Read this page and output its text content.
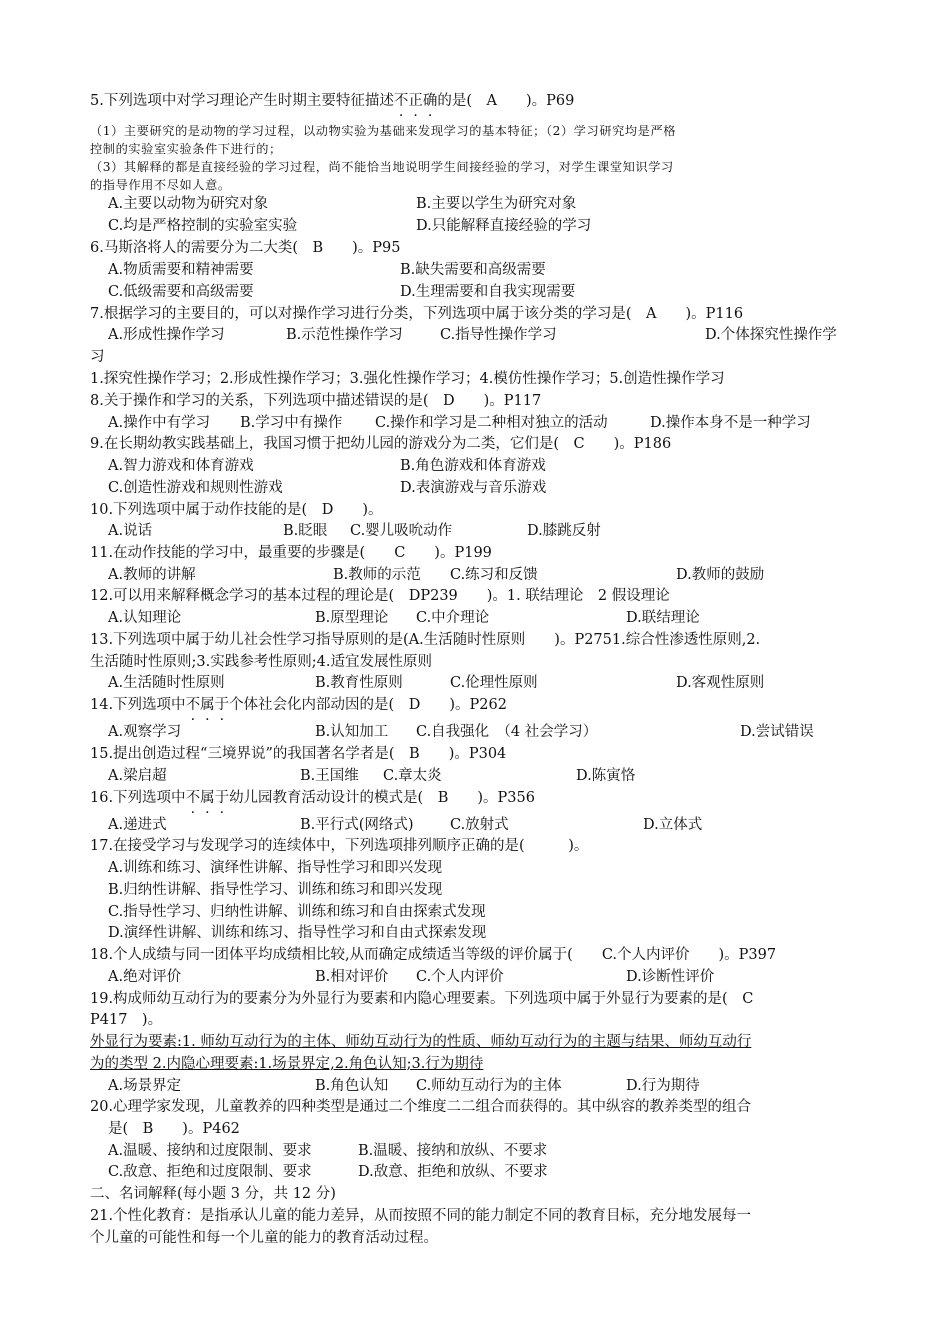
5.下列选项中对学习理论产生时期主要特征描述不正确的是(　A　　)。P69
（1）主要研究的是动物的学习过程，以动物实验为基础来发现学习的基本特征；（2）学习研究均是严格
控制的实验室实验条件下进行的；
（3）其解释的都是直接经验的学习过程，尚不能恰当地说明学生间接经验的学习，对学生课堂知识学习
的指导作用不尽如人意。
A.主要以动物为研究对象	B.主要以学生为研究对象
C.均是严格控制的实验室实验	D.只能解释直接经验的学习
6.马斯洛将人的需要分为二大类(　B　　)。P95
A.物质需要和精神需要	B.缺失需要和高级需要
C.低级需要和高级需要	D.生理需要和自我实现需要
7.根据学习的主要目的，可以对操作学习进行分类，下列选项中属于该分类的学习是(　A　　)。P116
A.形成性操作学习	B.示范性操作学习	C.指导性操作学习	D.个体探究性操作学
习
1.探究性操作学习；2.形成性操作学习；3.强化性操作学习；4.模仿性操作学习；5.创造性操作学习
8.关于操作和学习的关系，下列选项中描述错误的是(　D　　)。P117
A.操作中有学习 B.学习中有操作 C.操作和学习是二种相对独立的活动	D.操作本身不是一种学习
9.在长期幼教实践基础上，我国习惯于把幼儿园的游戏分为二类，它们是(　C　　)。P186
A.智力游戏和体育游戏	B.角色游戏和体育游戏
C.创造性游戏和规则性游戏	D.表演游戏与音乐游戏
10.下列选项中属于动作技能的是(　D　　)。
A.说话	B.眨眼 C.婴儿吸吮动作	D.膝跳反射
11.在动作技能的学习中，最重要的步骤是(　　C　　)。P199
A.教师的讲解	B.教师的示范 C.练习和反馈	D.教师的鼓励
12.可以用来解释概念学习的基本过程的理论是(　DP239　　)。1. 联结理论　2 假设理论
A.认知理论	B.原型理论 C.中介理论	D.联结理论
13.下列选项中属于幼儿社会性学习指导原则的是(A.生活随时性原则　　)。P2751.综合性渗透性原则,2.
生活随时性原则;3.实践参考性原则;4.适宜发展性原则
A.生活随时性原则	B.教育性原则	C.伦理性原则	D.客观性原则
14.下列选项中不属于个体社会化内部动因的是(　D　　)。P262
A.观察学习	B.认知加工 C.自我强化　（4 社会学习）	D.尝试错误
15.提出创造过程“三境界说”的我国著名学者是(　B　　)。P304
A.梁启超	B.王国维 C.章太炎	D.陈寅恪
16.下列选项中不属于幼儿园教育活动设计的模式是(　B　　)。P356
A.递进式	B.平行式(网络式)	C.放射式	D.立体式
17.在接受学习与发现学习的连续体中，下列选项排列顺序正确的是(　　　)。
A.训练和练习、演绎性讲解、指导性学习和即兴发现
B.归纳性讲解、指导性学习、训练和练习和即兴发现
C.指导性学习、归纳性讲解、训练和练习和自由探索式发现
D.演绎性讲解、训练和练习、指导性学习和自由式探索发现
18.个人成绩与同一团体平均成绩相比较,从而确定成绩适当等级的评价属于(　　C.个人内评价　　)。P397
A.绝对评价	B.相对评价 C.个人内评价	D.诊断性评价
19.构成师幼互动行为的要素分为外显行为要素和内隐心理要素。下列选项中属于外显行为要素的是(　C
P417　)。
外显行为要素:1. 师幼互动行为的主体、师幼互动行为的性质、师幼互动行为的主题与结果、师幼互动行
为的类型 2.内隐心理要素:1.场景界定,2.角色认知;3.行为期待
A.场景界定	B.角色认知 C.师幼互动行为的主体	D.行为期待
20.心理学家发现，儿童教养的四种类型是通过二个维度二二组合而获得的。其中纵容的教养类型的组合
是(　B　　)。P462
A.温暖、接纳和过度限制、要求	B.温暖、接纳和放纵、不要求
C.敌意、拒绝和过度限制、要求	D.敌意、拒绝和放纵、不要求
二、名词解释(每小题 3 分，共 12 分)
21.个性化教育：是指承认儿童的能力差异，从而按照不同的能力制定不同的教育目标，充分地发展每一
个儿童的可能性和每一个儿童的能力的教育活动过程。
